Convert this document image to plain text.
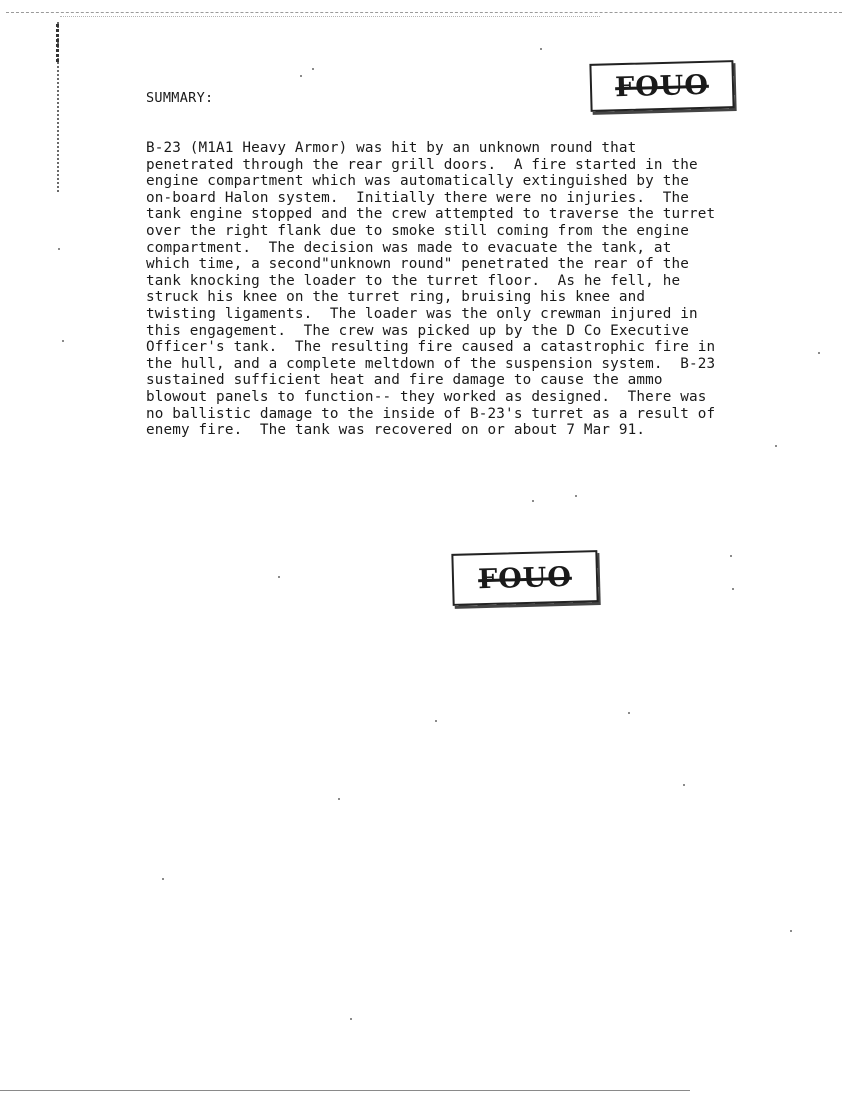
FOUO
SUMMARY:
B-23 (M1A1 Heavy Armor) was hit by an unknown round that
penetrated through the rear grill doors.  A fire started in the
engine compartment which was automatically extinguished by the
on-board Halon system.  Initially there were no injuries.  The
tank engine stopped and the crew attempted to traverse the turret
over the right flank due to smoke still coming from the engine
compartment.  The decision was made to evacuate the tank, at
which time, a second"unknown round" penetrated the rear of the
tank knocking the loader to the turret floor.  As he fell, he
struck his knee on the turret ring, bruising his knee and
twisting ligaments.  The loader was the only crewman injured in
this engagement.  The crew was picked up by the D Co Executive
Officer's tank.  The resulting fire caused a catastrophic fire in
the hull, and a complete meltdown of the suspension system.  B-23
sustained sufficient heat and fire damage to cause the ammo
blowout panels to function-- they worked as designed.  There was
no ballistic damage to the inside of B-23's turret as a result of
enemy fire.  The tank was recovered on or about 7 Mar 91.
FOUO
